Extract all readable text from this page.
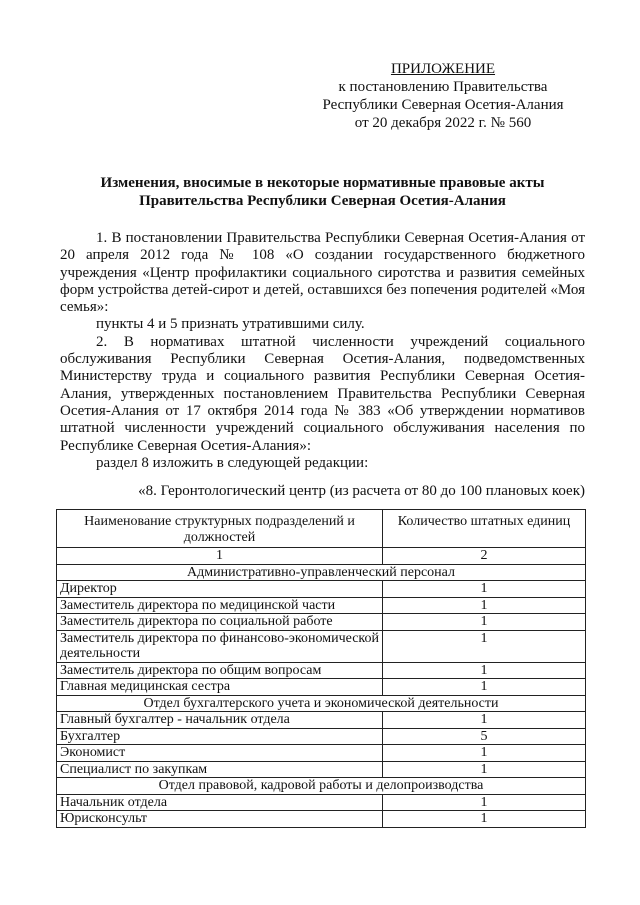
ПРИЛОЖЕНИЕ
к постановлению Правительства
Республики Северная Осетия-Алания
от 20 декабря 2022 г. № 560
Изменения, вносимые в некоторые нормативные правовые акты
Правительства Республики Северная Осетия-Алания

1. В постановлении Правительства Республики Северная Осетия-Алания от 20 апреля 2012 года № 108 «О создании государственного бюджетного учреждения «Центр профилактики социального сиротства и развития семейных форм устройства детей-сирот и детей, оставшихся без попечения родителей «Моя семья»:

пункты 4 и 5 признать утратившими силу.

2. В нормативах штатной численности учреждений социального обслуживания Республики Северная Осетия-Алания, подведомственных Министерству труда и социального развития Республики Северная Осетия-Алания, утвержденных постановлением Правительства Республики Северная Осетия-Алания от 17 октября 2014 года № 383 «Об утверждении нормативов штатной численности учреждений социального обслуживания населения по Республике Северная Осетия-Алания»:

раздел 8 изложить в следующей редакции:

«8. Геронтологический центр (из расчета от 80 до 100 плановых коек)
Наименование структурных подразделений и должностей	Количество штатных единиц
1	2
Административно-управленческий персонал	
Директор	1
Заместитель директора по медицинской части	1
Заместитель директора по социальной работе	1
Заместитель директора по финансово-экономической деятельности	1
Заместитель директора по общим вопросам	1
Главная медицинская сестра	1
Отдел бухгалтерского учета и экономической деятельности	
Главный бухгалтер - начальник отдела	1
Бухгалтер	5
Экономист	1
Специалист по закупкам	1
Отдел правовой, кадровой работы и делопроизводства	
Начальник отдела	1
Юрисконсульт	1
